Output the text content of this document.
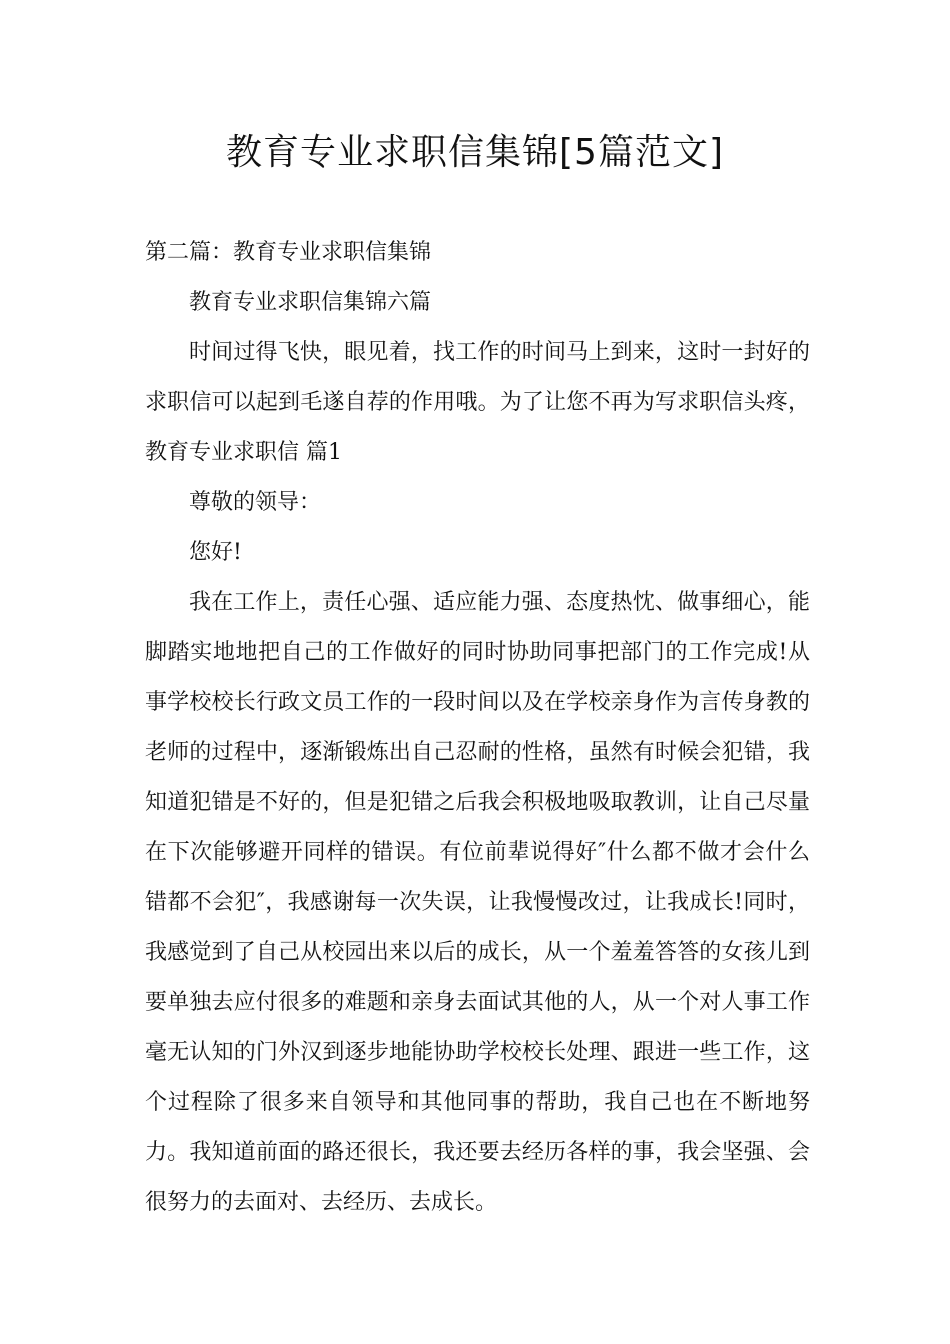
教育专业求职信集锦[5篇范文]

第二篇：教育专业求职信集锦

教育专业求职信集锦六篇

时间过得飞快，眼见着，找工作的时间马上到来，这时一封好的求职信可以起到毛遂自荐的作用哦。为了让您不再为写求职信头疼，教育专业求职信 篇1

尊敬的领导：

您好!

我在工作上，责任心强、适应能力强、态度热忱、做事细心，能脚踏实地地把自己的工作做好的同时协助同事把部门的工作完成!从事学校校长行政文员工作的一段时间以及在学校亲身作为言传身教的老师的过程中，逐渐锻炼出自己忍耐的性格，虽然有时候会犯错，我知道犯错是不好的，但是犯错之后我会积极地吸取教训，让自己尽量在下次能够避开同样的错误。有位前辈说得好″什么都不做才会什么错都不会犯″，我感谢每一次失误，让我慢慢改过，让我成长!同时，我感觉到了自己从校园出来以后的成长，从一个羞羞答答的女孩儿到要单独去应付很多的难题和亲身去面试其他的人，从一个对人事工作毫无认知的门外汉到逐步地能协助学校校长处理、跟进一些工作，这个过程除了很多来自领导和其他同事的帮助，我自己也在不断地努力。我知道前面的路还很长，我还要去经历各样的事，我会坚强、会很努力的去面对、去经历、去成长。
